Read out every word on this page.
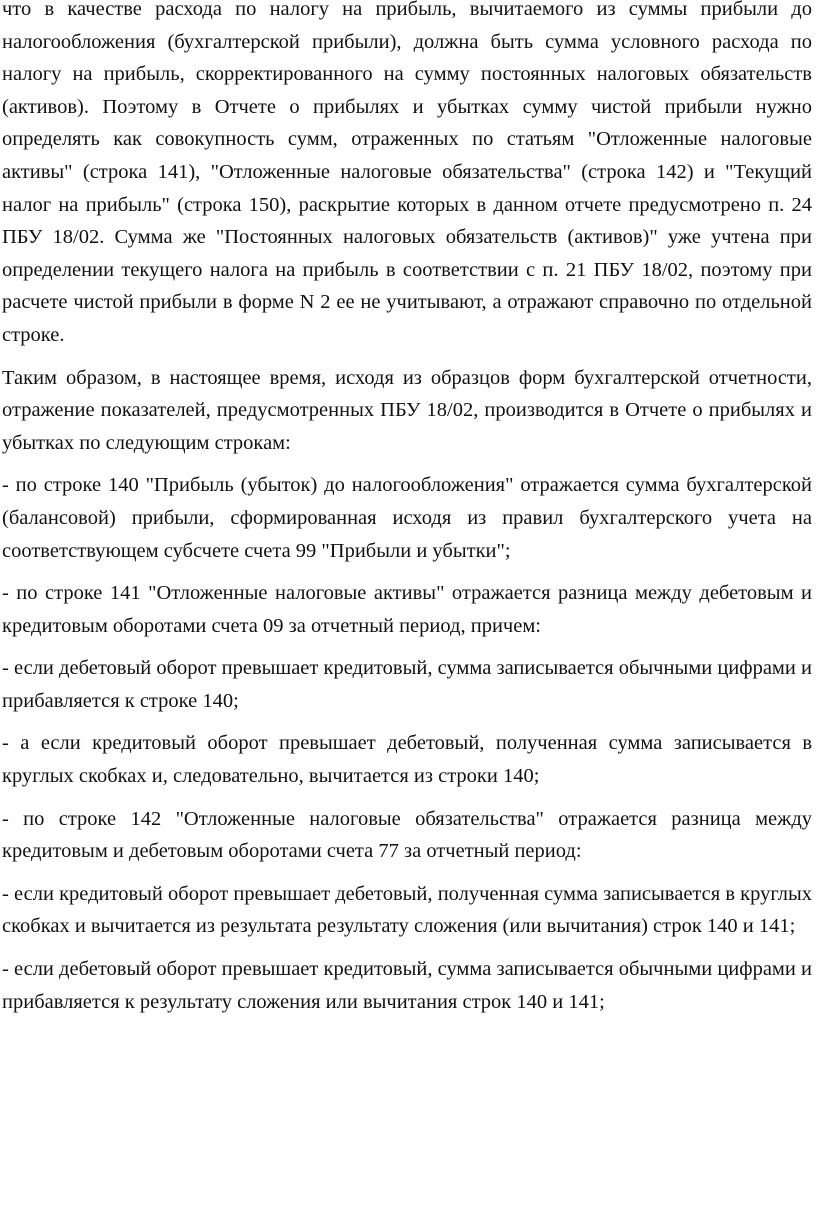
что в качестве расхода по налогу на прибыль, вычитаемого из суммы прибыли до налогообложения (бухгалтерской прибыли), должна быть сумма условного расхода по налогу на прибыль, скорректированного на сумму постоянных налоговых обязательств (активов). Поэтому в Отчете о прибылях и убытках сумму чистой прибыли нужно определять как совокупность сумм, отраженных по статьям "Отложенные налоговые активы" (строка 141), "Отложенные налоговые обязательства" (строка 142) и "Текущий налог на прибыль" (строка 150), раскрытие которых в данном отчете предусмотрено п. 24 ПБУ 18/02. Сумма же "Постоянных налоговых обязательств (активов)" уже учтена при определении текущего налога на прибыль в соответствии с п. 21 ПБУ 18/02, поэтому при расчете чистой прибыли в форме N 2 ее не учитывают, а отражают справочно по отдельной строке.

Таким образом, в настоящее время, исходя из образцов форм бухгалтерской отчетности, отражение показателей, предусмотренных ПБУ 18/02, производится в Отчете о прибылях и убытках по следующим строкам:

- по строке 140 "Прибыль (убыток) до налогообложения" отражается сумма бухгалтерской (балансовой) прибыли, сформированная исходя из правил бухгалтерского учета на соответствующем субсчете счета 99 "Прибыли и убытки";

- по строке 141 "Отложенные налоговые активы" отражается разница между дебетовым и кредитовым оборотами счета 09 за отчетный период, причем:

- если дебетовый оборот превышает кредитовый, сумма записывается обычными цифрами и прибавляется к строке 140;

- а если кредитовый оборот превышает дебетовый, полученная сумма записывается в круглых скобках и, следовательно, вычитается из строки 140;

- по строке 142 "Отложенные налоговые обязательства" отражается разница между кредитовым и дебетовым оборотами счета 77 за отчетный период:

- если кредитовый оборот превышает дебетовый, полученная сумма записывается в круглых скобках и вычитается из результата результату сложения (или вычитания) строк 140 и 141;

- если дебетовый оборот превышает кредитовый, сумма записывается обычными цифрами и прибавляется к результату сложения или вычитания строк 140 и 141;
